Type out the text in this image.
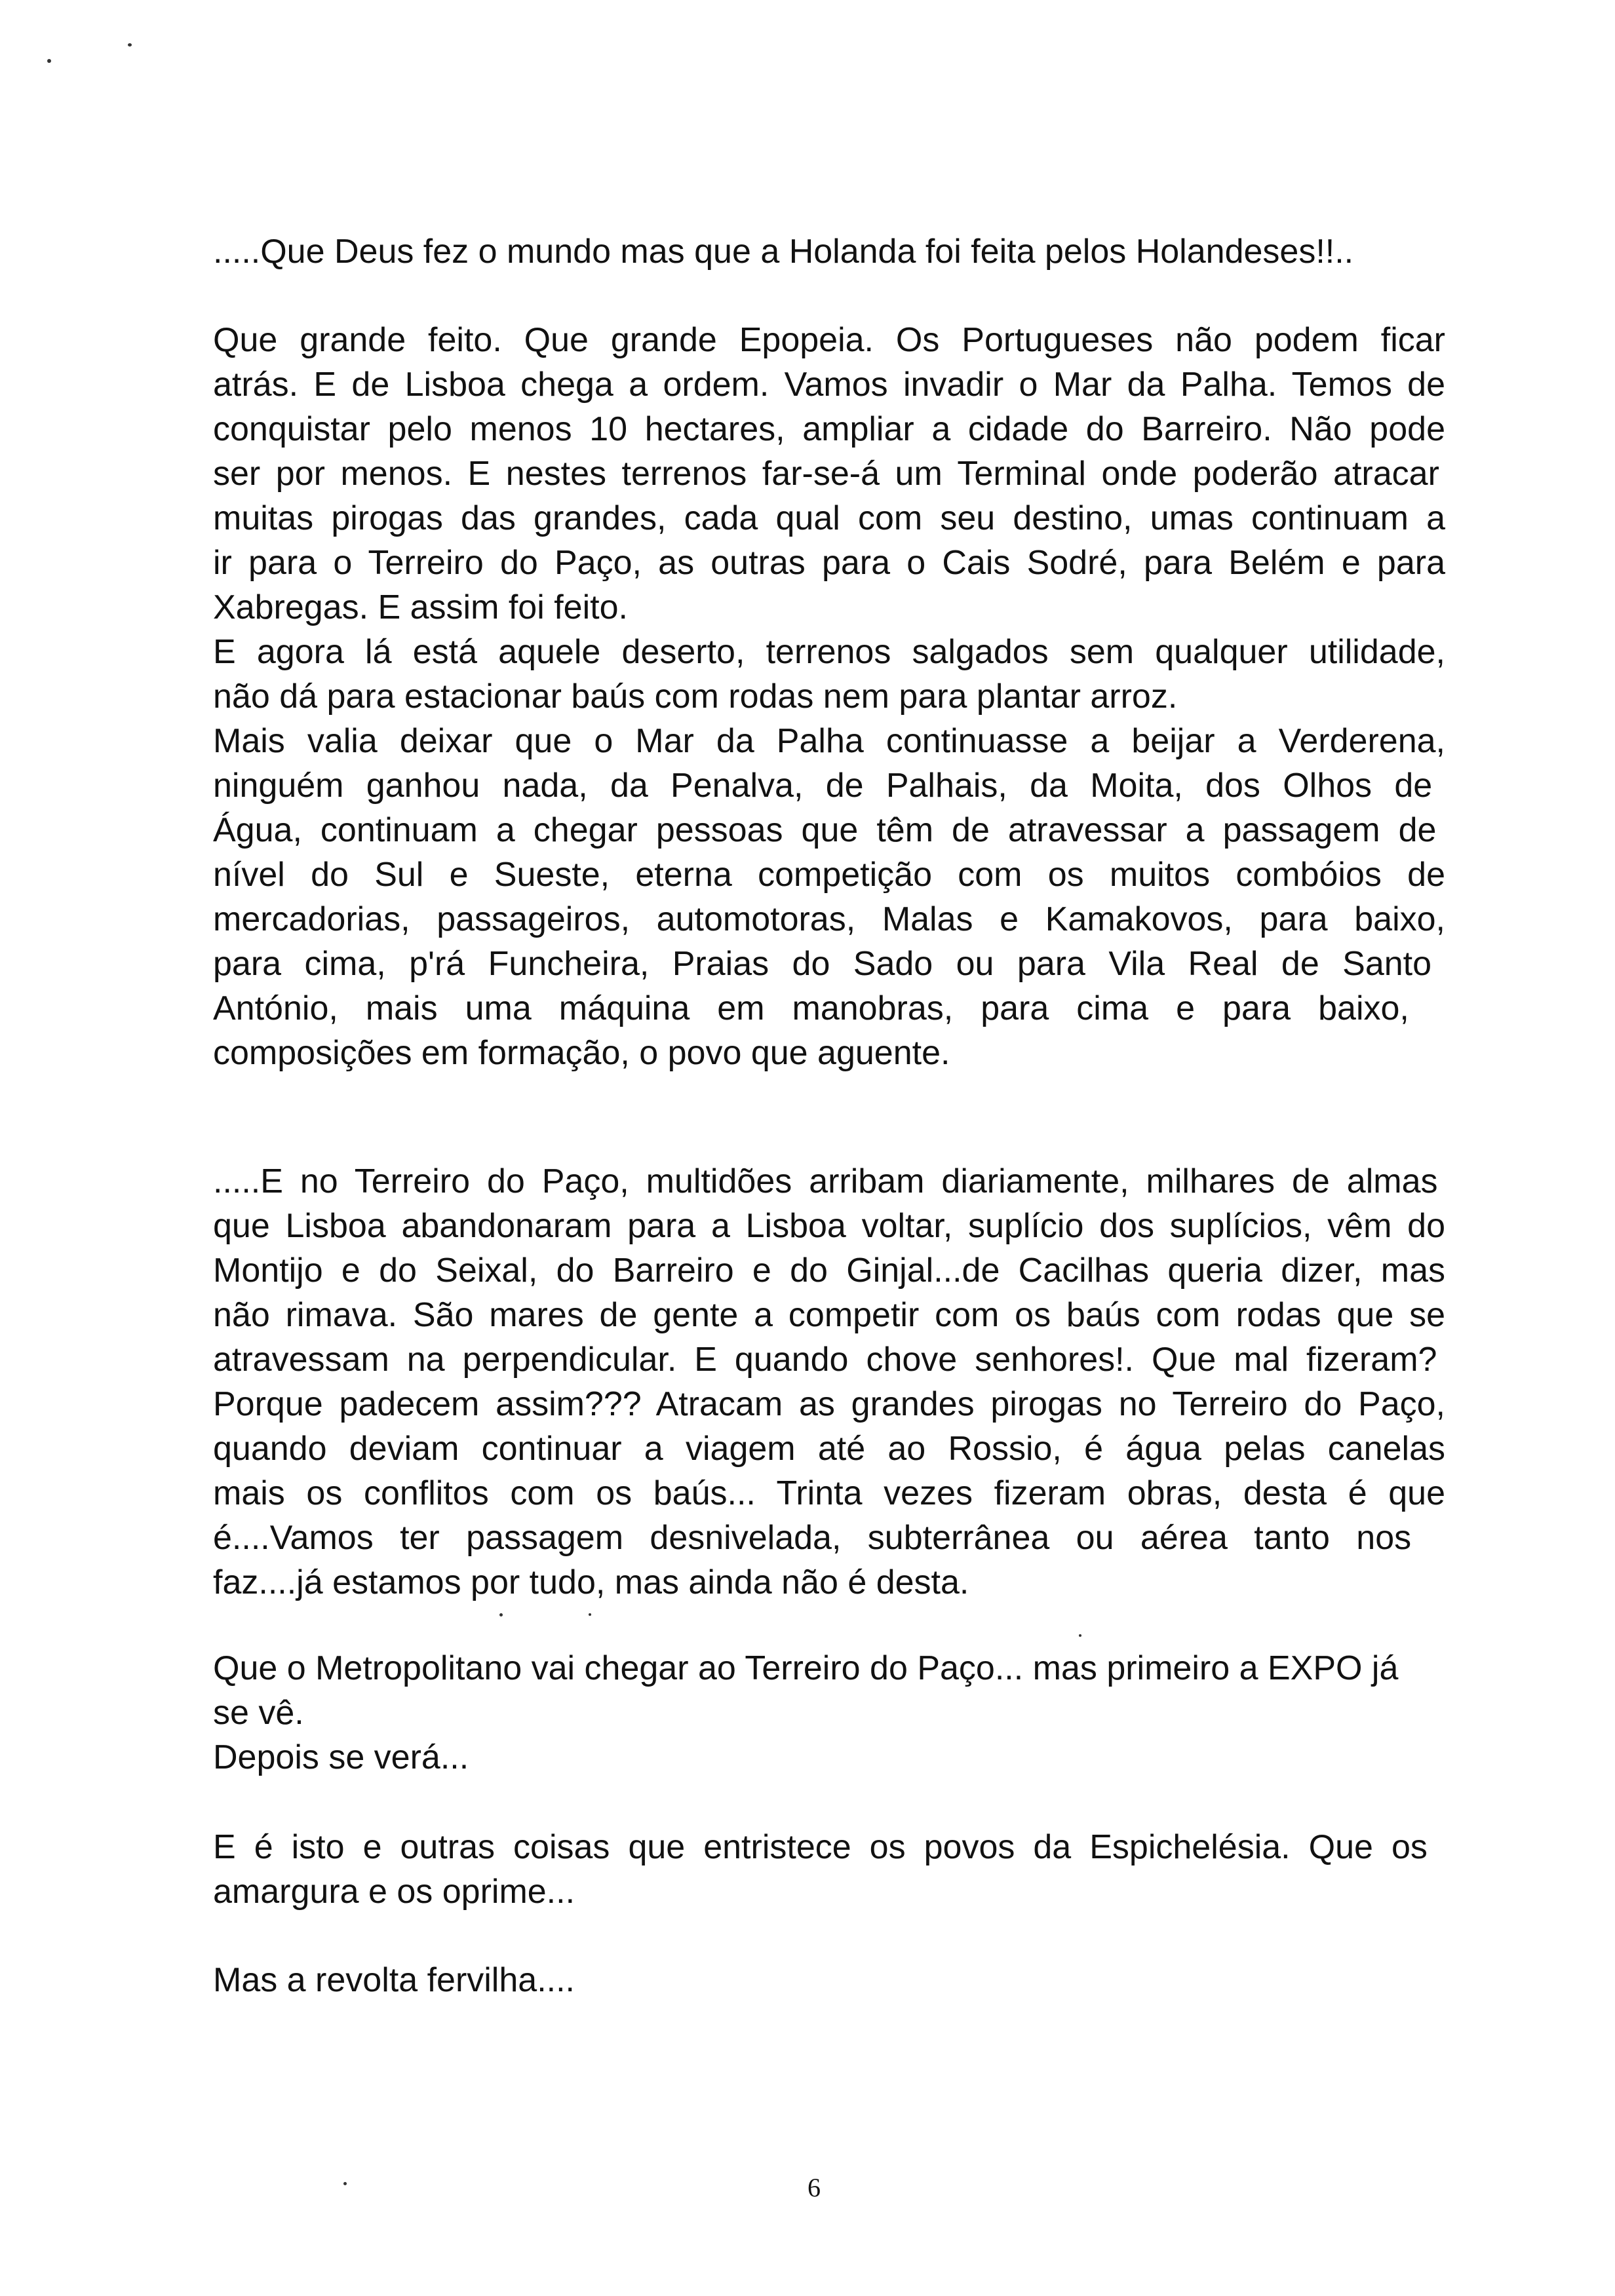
.....Que Deus fez o mundo mas que a Holanda foi feita pelos Holandeses!!..
Que grande feito. Que grande Epopeia. Os Portugueses não podem ficar
atrás. E de Lisboa chega a ordem. Vamos invadir o Mar da Palha. Temos de
conquistar pelo menos 10 hectares, ampliar a cidade do Barreiro. Não pode
ser por menos. E nestes terrenos far-se-á um Terminal onde poderão atracar
muitas pirogas das grandes, cada qual com seu destino, umas continuam a
ir para o Terreiro do Paço, as outras para o Cais Sodré, para Belém e para
Xabregas. E assim foi feito.
E agora lá está aquele deserto, terrenos salgados sem qualquer utilidade,
não dá para estacionar baús com rodas nem para plantar arroz.
Mais valia deixar que o Mar da Palha continuasse a beijar a Verderena,
ninguém ganhou nada, da Penalva, de Palhais, da Moita, dos Olhos de
Água, continuam a chegar pessoas que têm de atravessar a passagem de
nível do Sul e Sueste, eterna competição com os muitos combóios de
mercadorias, passageiros, automotoras, Malas e Kamakovos, para baixo,
para cima, p'rá Funcheira, Praias do Sado ou para Vila Real de Santo
António, mais uma máquina em manobras, para cima e para baixo,
composições em formação, o povo que aguente.
.....E no Terreiro do Paço, multidões arribam diariamente, milhares de almas
que Lisboa abandonaram para a Lisboa voltar, suplício dos suplícios, vêm do
Montijo e do Seixal, do Barreiro e do Ginjal...de Cacilhas queria dizer, mas
não rimava. São mares de gente a competir com os baús com rodas que se
atravessam na perpendicular. E quando chove senhores!. Que mal fizeram?
Porque padecem assim??? Atracam as grandes pirogas no Terreiro do Paço,
quando deviam continuar a viagem até ao Rossio, é água pelas canelas
mais os conflitos com os baús... Trinta vezes fizeram obras, desta é que
é....Vamos ter passagem desnivelada, subterrânea ou aérea tanto nos
faz....já estamos por tudo, mas ainda não é desta.
Que o Metropolitano vai chegar ao Terreiro do Paço... mas primeiro a EXPO já
se vê.
Depois se verá...
E é isto e outras coisas que entristece os povos da Espichelésia. Que os
amargura e os oprime...
Mas a revolta fervilha....
6
